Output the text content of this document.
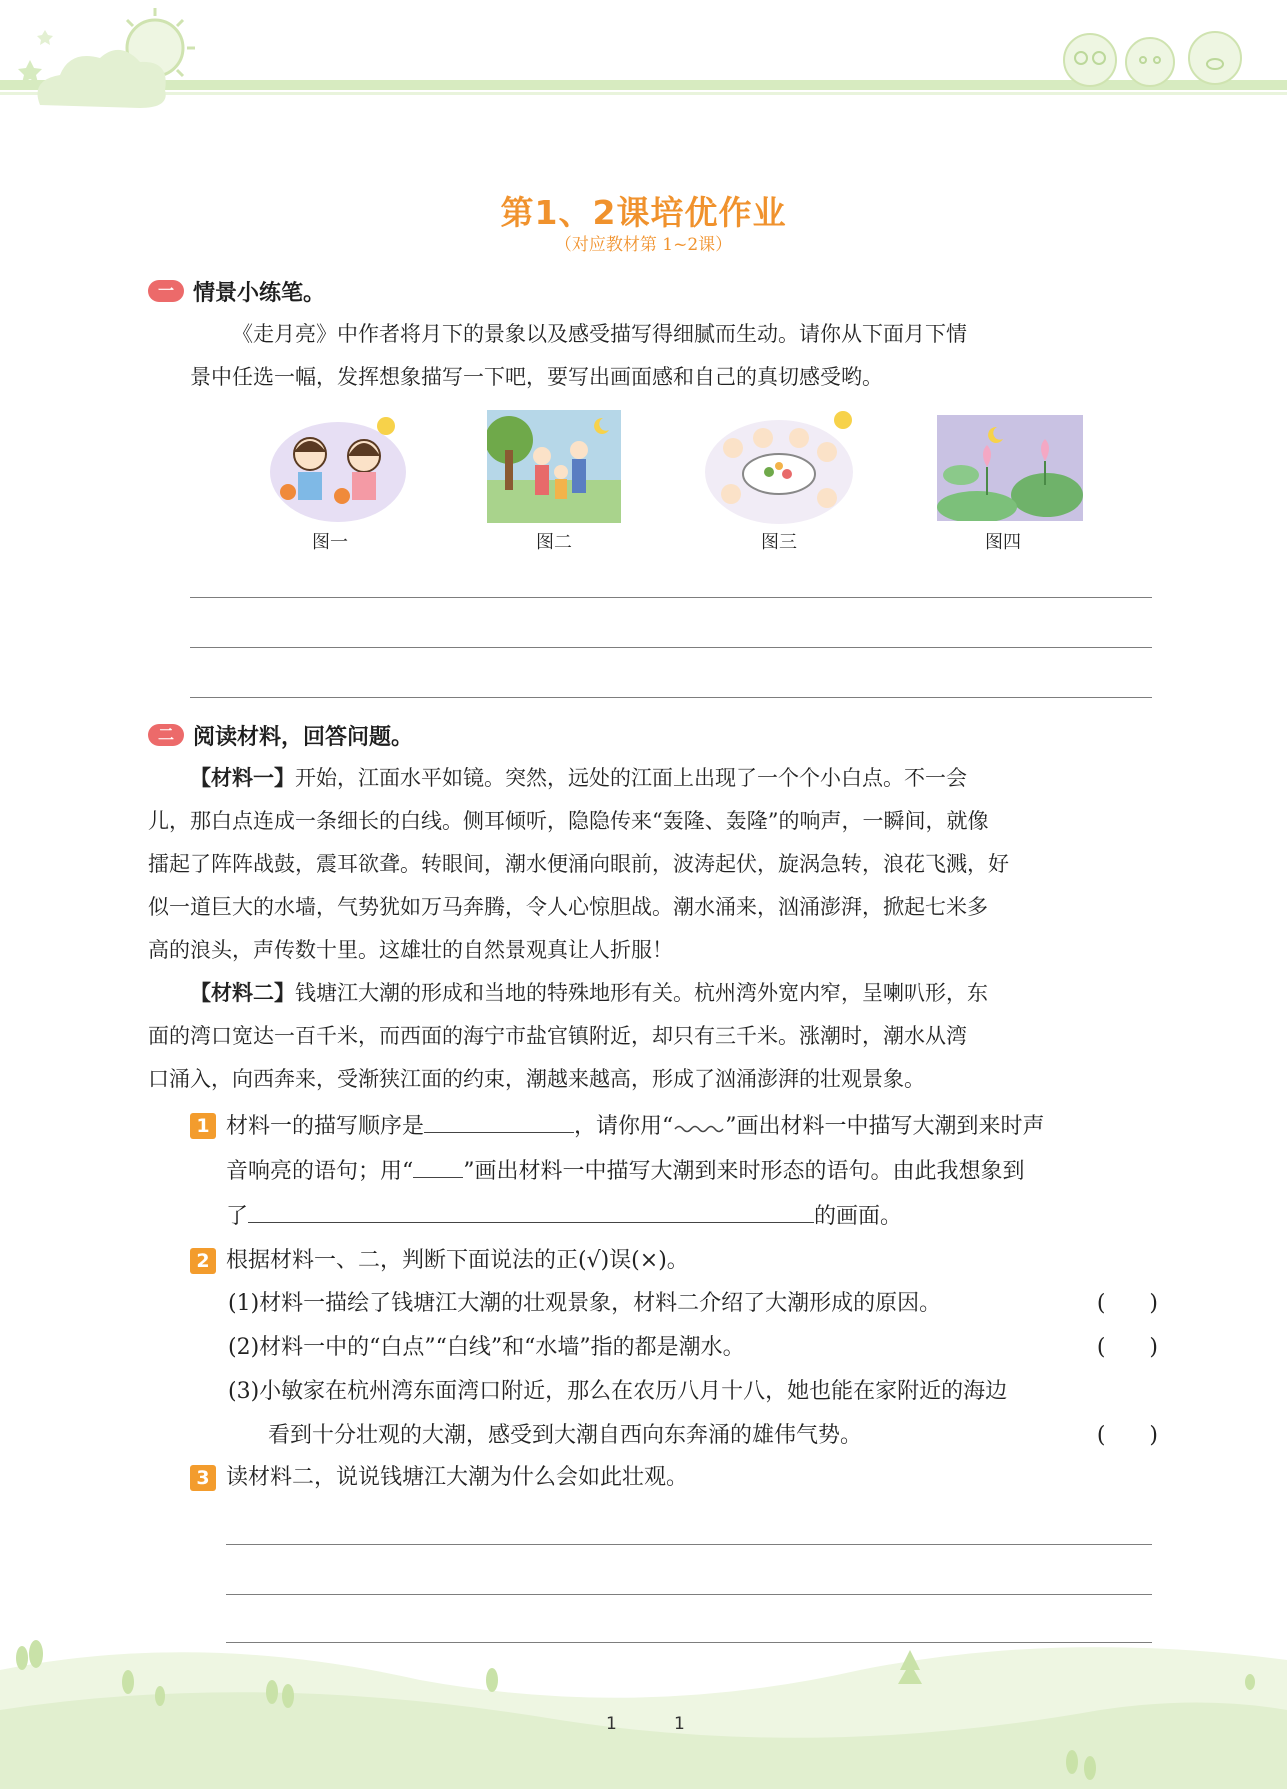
第1、2课培优作业
（对应教材第 1~2课）
一 情景小练笔。
《走月亮》中作者将月下的景象以及感受描写得细腻而生动。请你从下面月下情
景中任选一幅，发挥想象描写一下吧，要写出画面感和自己的真切感受哟。
图一	图二	图三	图四
二 阅读材料，回答问题。
【材料一】开始，江面水平如镜。突然，远处的江面上出现了一个个小白点。不一会
儿，那白点连成一条细长的白线。侧耳倾听，隐隐传来“轰隆、轰隆”的响声，一瞬间，就像
擂起了阵阵战鼓，震耳欲聋。转眼间，潮水便涌向眼前，波涛起伏，旋涡急转，浪花飞溅，好
似一道巨大的水墙，气势犹如万马奔腾，令人心惊胆战。潮水涌来，汹涌澎湃，掀起七米多
高的浪头，声传数十里。这雄壮的自然景观真让人折服！
【材料二】钱塘江大潮的形成和当地的特殊地形有关。杭州湾外宽内窄，呈喇叭形，东
面的湾口宽达一百千米，而西面的海宁市盐官镇附近，却只有三千米。涨潮时，潮水从湾
口涌入，向西奔来，受渐狭江面的约束，潮越来越高，形成了汹涌澎湃的壮观景象。
1 材料一的描写顺序是	，请你用“ ”画出材料一中描写大潮到来时声
音响亮的语句；用“ ”画出材料一中描写大潮到来时形态的语句。由此我想象到
了	的画面。
2 根据材料一、二，判断下面说法的正(√)误(×)。
(1)材料一描绘了钱塘江大潮的壮观景象，材料二介绍了大潮形成的原因。	(　　)
(2)材料一中的“白点”“白线”和“水墙”指的都是潮水。	(　　)
(3)小敏家在杭州湾东面湾口附近，那么在农历八月十八，她也能在家附近的海边
看到十分壮观的大潮，感受到大潮自西向东奔涌的雄伟气势。	(　　)
3 读材料二，说说钱塘江大潮为什么会如此壮观。
1	1
